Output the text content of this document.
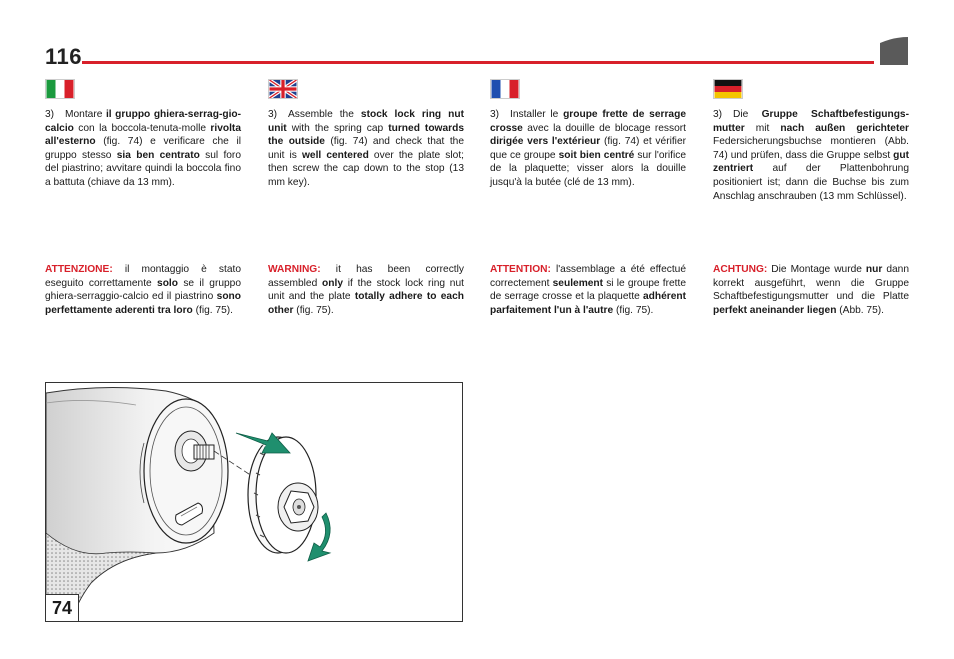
116
3) Montare il gruppo ghiera-serrag-gio-calcio con la boccola-tenuta-molle rivolta all'esterno (fig. 74) e verificare che il gruppo stesso sia ben centrato sul foro del piastrino; avvitare quindi la boccola fino a battuta (chiave da 13 mm).
ATTENZIONE: il montaggio è stato eseguito correttamente solo se il gruppo ghiera-serraggio-calcio ed il piastrino sono perfettamente aderenti tra loro (fig. 75).
3) Assemble the stock lock ring nut unit with the spring cap turned towards the outside (fig. 74) and check that the unit is well centered over the plate slot; then screw the cap down to the stop (13 mm key).
WARNING: it has been correctly assembled only if the stock lock ring nut unit and the plate totally adhere to each other (fig. 75).
3) Installer le groupe frette de serrage crosse avec la douille de blocage ressort dirigée vers l'extérieur (fig. 74) et vérifier que ce groupe soit bien centré sur l'orifice de la plaquette; visser alors la douille jusqu'à la butée (clé de 13 mm).
ATTENTION: l'assemblage a été effectué correctement seulement si le groupe frette de serrage crosse et la plaquette adhérent parfaitement l'un à l'autre (fig. 75).
3) Die Gruppe Schaftbefestigungs-mutter mit nach außen gerichteter Federsicherungsbuchse montieren (Abb. 74) und prüfen, dass die Gruppe selbst gut zentriert auf der Plattenbohrung positioniert ist; dann die Buchse bis zum Anschlag anschrauben (13 mm Schlüssel).
ACHTUNG: Die Montage wurde nur dann korrekt ausgeführt, wenn die Gruppe Schaftbefestigungsmutter und die Platte perfekt aneinander liegen (Abb. 75).
74
